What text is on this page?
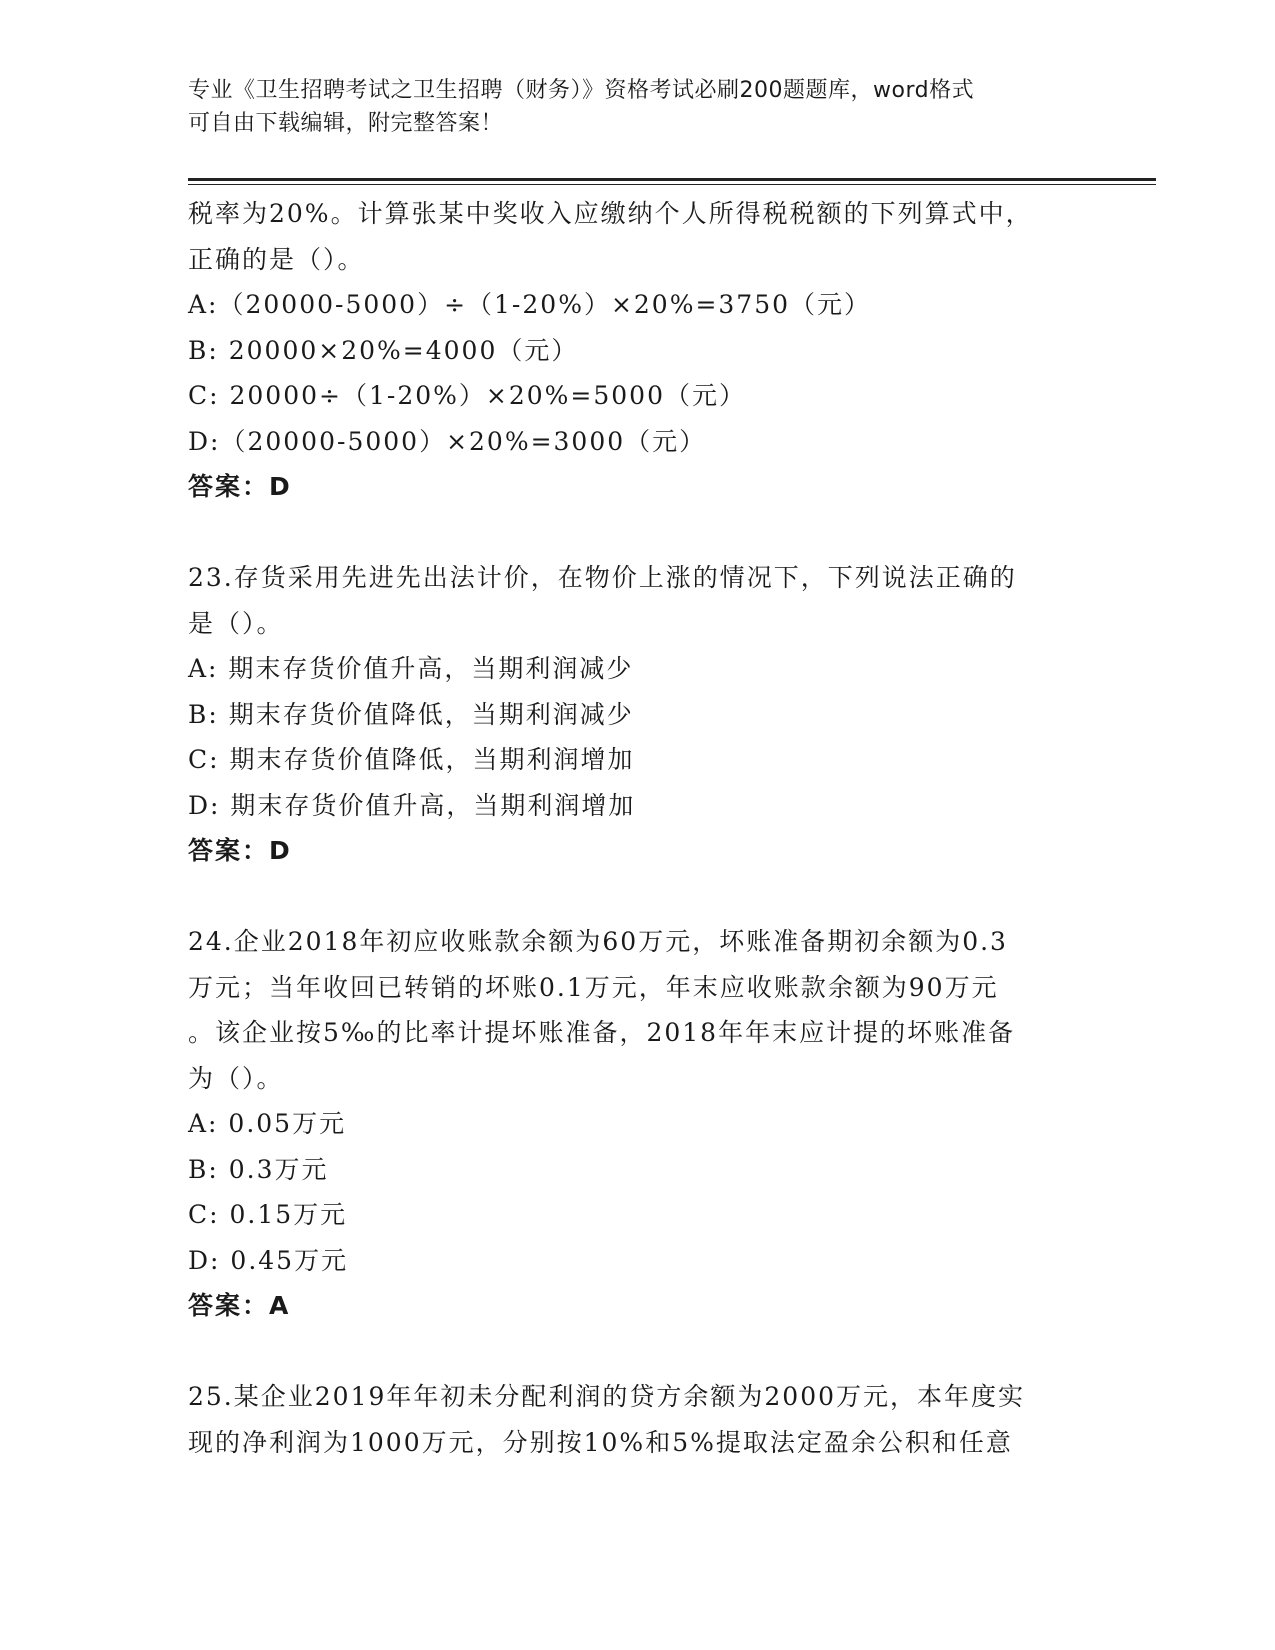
专业《卫生招聘考试之卫生招聘（财务）》资格考试必刷200题题库，word格式
可自由下载编辑，附完整答案！
税率为20%。计算张某中奖收入应缴纳个人所得税税额的下列算式中，
正确的是（）。
A:（20000-5000）÷（1-20%）×20%=3750（元）
B: 20000×20%=4000（元）
C: 20000÷（1-20%）×20%=5000（元）
D:（20000-5000）×20%=3000（元）
答案：D
23.存货采用先进先出法计价，在物价上涨的情况下，下列说法正确的
是（）。
A: 期末存货价值升高，当期利润减少
B: 期末存货价值降低，当期利润减少
C: 期末存货价值降低，当期利润增加
D: 期末存货价值升高，当期利润增加
答案：D
24.企业2018年初应收账款余额为60万元，坏账准备期初余额为0.3
万元；当年收回已转销的坏账0.1万元，年末应收账款余额为90万元
。该企业按5‰的比率计提坏账准备，2018年年末应计提的坏账准备
为（）。
A: 0.05万元
B: 0.3万元
C: 0.15万元
D: 0.45万元
答案：A
25.某企业2019年年初未分配利润的贷方余额为2000万元，本年度实
现的净利润为1000万元，分别按10%和5%提取法定盈余公积和任意
